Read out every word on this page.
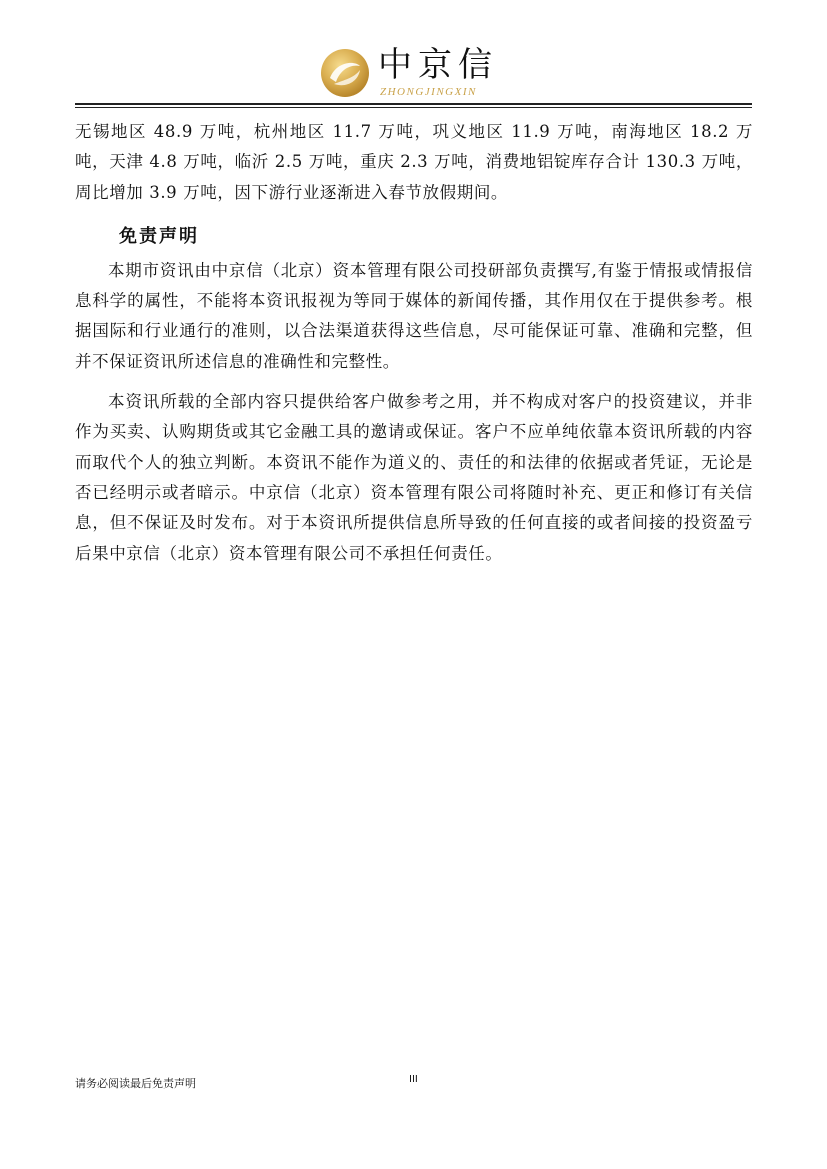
中京信
ZHONGJINGXIN

无锡地区 48.9 万吨，杭州地区 11.7 万吨，巩义地区 11.9 万吨，南海地区 18.2 万吨，天津 4.8 万吨，临沂 2.5 万吨，重庆 2.3 万吨，消费地铝锭库存合计 130.3 万吨，周比增加 3.9 万吨，因下游行业逐渐进入春节放假期间。

免责声明

本期市资讯由中京信（北京）资本管理有限公司投研部负责撰写,有鉴于情报或情报信息科学的属性，不能将本资讯报视为等同于媒体的新闻传播，其作用仅在于提供参考。根据国际和行业通行的准则，以合法渠道获得这些信息，尽可能保证可靠、准确和完整，但并不保证资讯所述信息的准确性和完整性。

本资讯所载的全部内容只提供给客户做参考之用，并不构成对客户的投资建议，并非作为买卖、认购期货或其它金融工具的邀请或保证。客户不应单纯依靠本资讯所载的内容而取代个人的独立判断。本资讯不能作为道义的、责任的和法律的依据或者凭证，无论是否已经明示或者暗示。中京信（北京）资本管理有限公司将随时补充、更正和修订有关信息，但不保证及时发布。对于本资讯所提供信息所导致的任何直接的或者间接的投资盈亏后果中京信（北京）资本管理有限公司不承担任何责任。

请务必阅读最后免责声明	III
